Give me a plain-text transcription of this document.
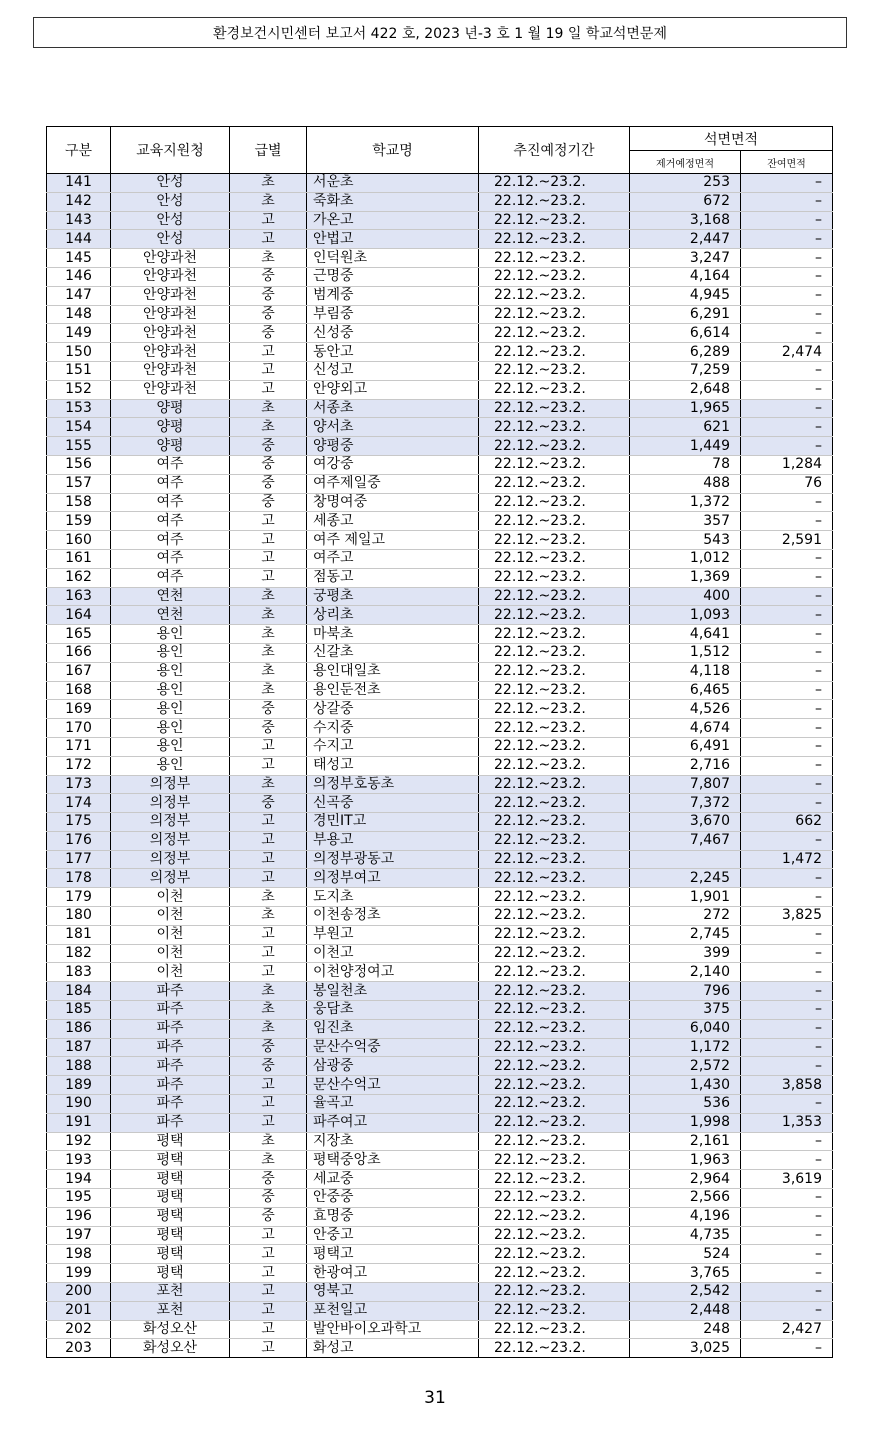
환경보건시민센터 보고서 422 호, 2023 년-3 호 1 월 19 일 학교석면문제
구분	교육지원청	급별	학교명	추진예정기간	석면면적	
					제거예정면적	잔여면적
141	안성	초	서운초	22.12.~23.2.	253	–
142	안성	초	죽화초	22.12.~23.2.	672	–
143	안성	고	가온고	22.12.~23.2.	3,168	–
144	안성	고	안법고	22.12.~23.2.	2,447	–
145	안양과천	초	인덕원초	22.12.~23.2.	3,247	–
146	안양과천	중	근명중	22.12.~23.2.	4,164	–
147	안양과천	중	범계중	22.12.~23.2.	4,945	–
148	안양과천	중	부림중	22.12.~23.2.	6,291	–
149	안양과천	중	신성중	22.12.~23.2.	6,614	–
150	안양과천	고	동안고	22.12.~23.2.	6,289	2,474
151	안양과천	고	신성고	22.12.~23.2.	7,259	–
152	안양과천	고	안양외고	22.12.~23.2.	2,648	–
153	양평	초	서종초	22.12.~23.2.	1,965	–
154	양평	초	양서초	22.12.~23.2.	621	–
155	양평	중	양평중	22.12.~23.2.	1,449	–
156	여주	중	여강중	22.12.~23.2.	78	1,284
157	여주	중	여주제일중	22.12.~23.2.	488	76
158	여주	중	창명여중	22.12.~23.2.	1,372	–
159	여주	고	세종고	22.12.~23.2.	357	–
160	여주	고	여주 제일고	22.12.~23.2.	543	2,591
161	여주	고	여주고	22.12.~23.2.	1,012	–
162	여주	고	점동고	22.12.~23.2.	1,369	–
163	연천	초	궁평초	22.12.~23.2.	400	–
164	연천	초	상리초	22.12.~23.2.	1,093	–
165	용인	초	마북초	22.12.~23.2.	4,641	–
166	용인	초	신갈초	22.12.~23.2.	1,512	–
167	용인	초	용인대일초	22.12.~23.2.	4,118	–
168	용인	초	용인둔전초	22.12.~23.2.	6,465	–
169	용인	중	상갈중	22.12.~23.2.	4,526	–
170	용인	중	수지중	22.12.~23.2.	4,674	–
171	용인	고	수지고	22.12.~23.2.	6,491	–
172	용인	고	태성고	22.12.~23.2.	2,716	–
173	의정부	초	의정부호동초	22.12.~23.2.	7,807	–
174	의정부	중	신곡중	22.12.~23.2.	7,372	–
175	의정부	고	경민IT고	22.12.~23.2.	3,670	662
176	의정부	고	부용고	22.12.~23.2.	7,467	–
177	의정부	고	의정부광동고	22.12.~23.2.		1,472
178	의정부	고	의정부여고	22.12.~23.2.	2,245	–
179	이천	초	도지초	22.12.~23.2.	1,901	–
180	이천	초	이천송정초	22.12.~23.2.	272	3,825
181	이천	고	부원고	22.12.~23.2.	2,745	–
182	이천	고	이천고	22.12.~23.2.	399	–
183	이천	고	이천양정여고	22.12.~23.2.	2,140	–
184	파주	초	봉일천초	22.12.~23.2.	796	–
185	파주	초	웅담초	22.12.~23.2.	375	–
186	파주	초	임진초	22.12.~23.2.	6,040	–
187	파주	중	문산수억중	22.12.~23.2.	1,172	–
188	파주	중	삼광중	22.12.~23.2.	2,572	–
189	파주	고	문산수억고	22.12.~23.2.	1,430	3,858
190	파주	고	율곡고	22.12.~23.2.	536	–
191	파주	고	파주여고	22.12.~23.2.	1,998	1,353
192	평택	초	지장초	22.12.~23.2.	2,161	–
193	평택	초	평택중앙초	22.12.~23.2.	1,963	–
194	평택	중	세교중	22.12.~23.2.	2,964	3,619
195	평택	중	안중중	22.12.~23.2.	2,566	–
196	평택	중	효명중	22.12.~23.2.	4,196	–
197	평택	고	안중고	22.12.~23.2.	4,735	–
198	평택	고	평택고	22.12.~23.2.	524	–
199	평택	고	한광여고	22.12.~23.2.	3,765	–
200	포천	고	영북고	22.12.~23.2.	2,542	–
201	포천	고	포천일고	22.12.~23.2.	2,448	–
202	화성오산	고	발안바이오과학고	22.12.~23.2.	248	2,427
203	화성오산	고	화성고	22.12.~23.2.	3,025	–
31
